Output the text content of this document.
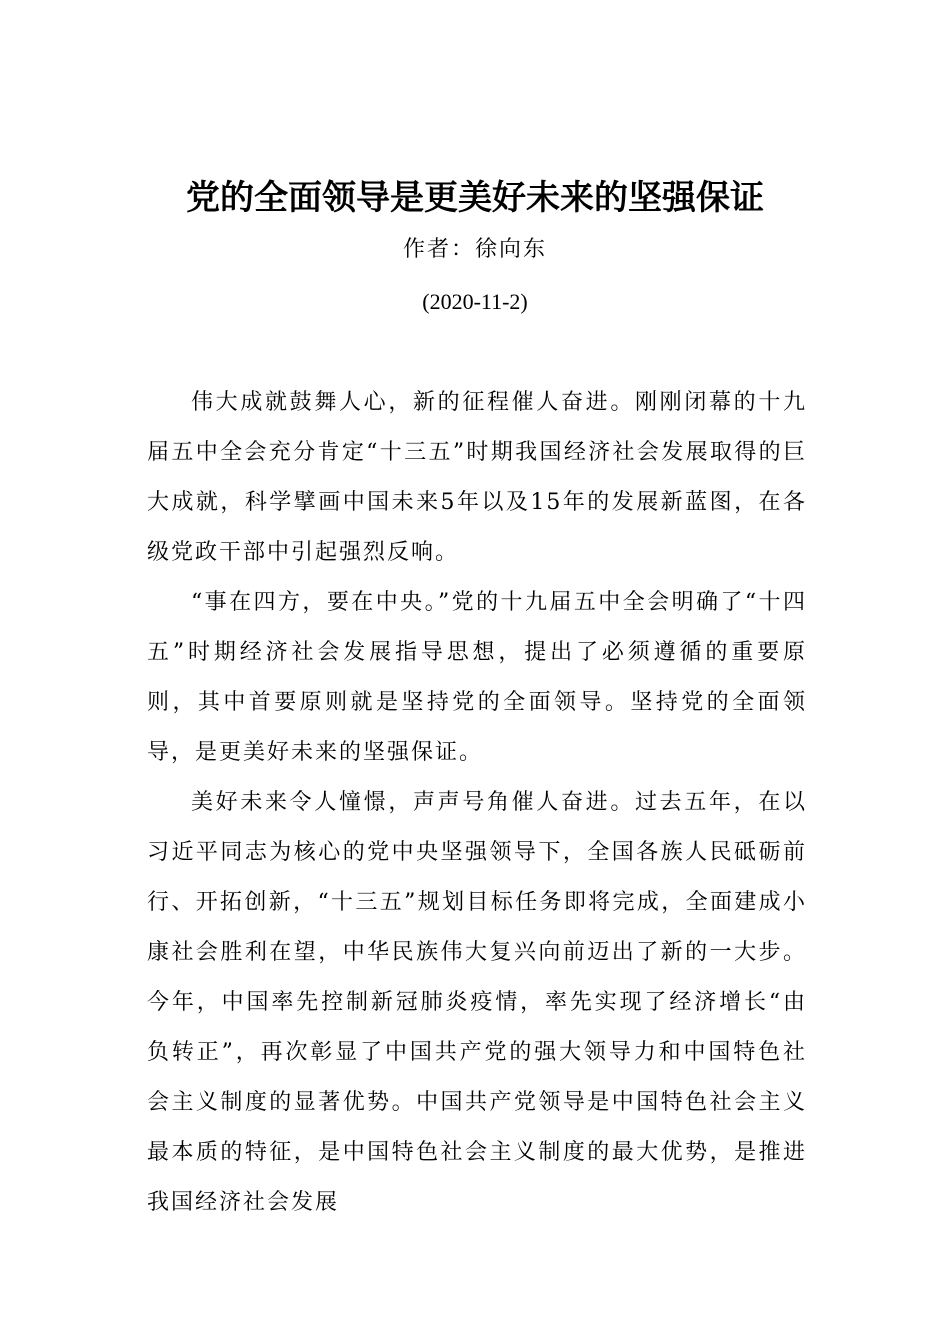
党的全面领导是更美好未来的坚强保证
作者：徐向东
(2020-11-2)

伟大成就鼓舞人心，新的征程催人奋进。刚刚闭幕的十九届五中全会充分肯定“十三五”时期我国经济社会发展取得的巨大成就，科学擘画中国未来5年以及15年的发展新蓝图，在各级党政干部中引起强烈反响。

“事在四方，要在中央。”党的十九届五中全会明确了“十四五”时期经济社会发展指导思想，提出了必须遵循的重要原则，其中首要原则就是坚持党的全面领导。坚持党的全面领导，是更美好未来的坚强保证。

美好未来令人憧憬，声声号角催人奋进。过去五年，在以习近平同志为核心的党中央坚强领导下，全国各族人民砥砺前行、开拓创新，“十三五”规划目标任务即将完成，全面建成小康社会胜利在望，中华民族伟大复兴向前迈出了新的一大步。今年，中国率先控制新冠肺炎疫情，率先实现了经济增长“由负转正”，再次彰显了中国共产党的强大领导力和中国特色社会主义制度的显著优势。中国共产党领导是中国特色社会主义最本质的特征，是中国特色社会主义制度的最大优势，是推进我国经济社会发展
